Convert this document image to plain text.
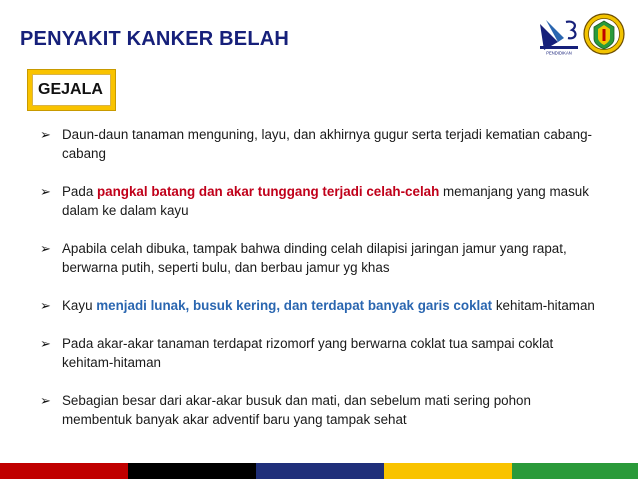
PENYAKIT KANKER BELAH
PENDIDIKAN
GEJALA
➢ Daun-daun tanaman menguning, layu, dan akhirnya gugur serta terjadi kematian cabang-cabang
➢ Pada pangkal batang dan akar tunggang terjadi celah-celah memanjang yang masuk dalam ke dalam kayu
➢ Apabila celah dibuka, tampak bahwa dinding celah dilapisi jaringan jamur yang rapat, berwarna putih, seperti bulu, dan berbau jamur yg khas
➢ Kayu menjadi lunak, busuk kering, dan terdapat banyak garis coklat kehitam-hitaman
➢ Pada akar-akar tanaman terdapat rizomorf yang berwarna coklat tua sampai coklat kehitam-hitaman
➢ Sebagian besar dari akar-akar busuk dan mati, dan sebelum mati sering pohon membentuk banyak akar adventif baru yang tampak sehat
